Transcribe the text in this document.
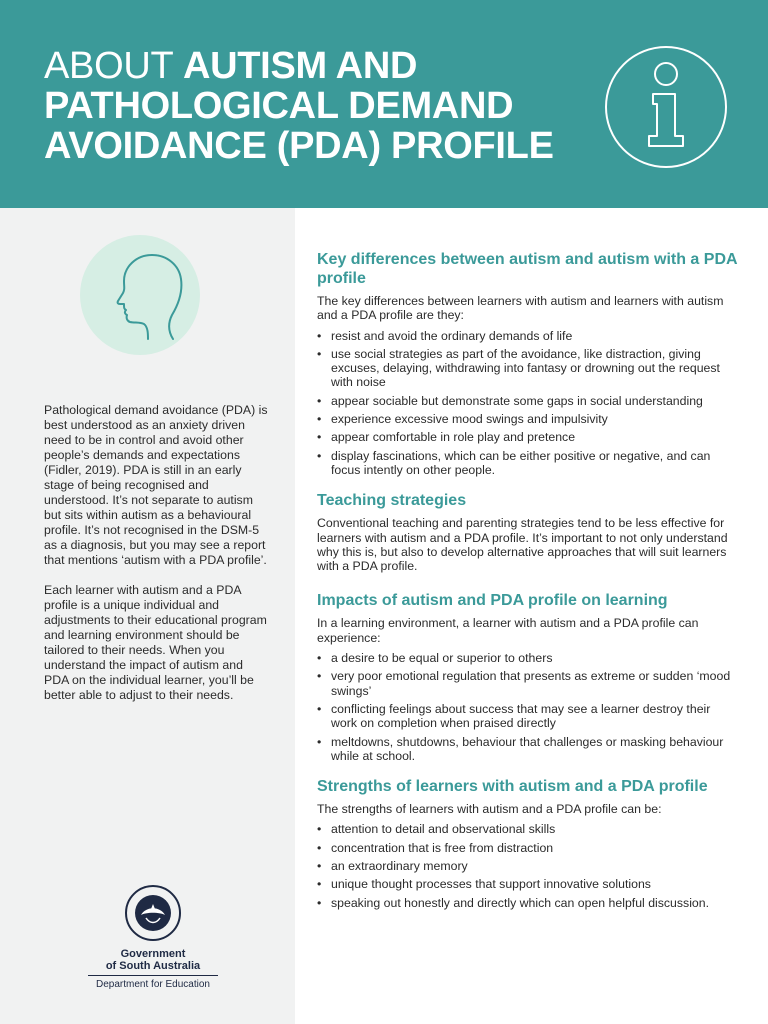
ABOUT AUTISM AND
PATHOLOGICAL DEMAND
AVOIDANCE (PDA) PROFILE

Pathological demand avoidance (PDA) is best understood as an anxiety driven need to be in control and avoid other people’s demands and expectations (Fidler, 2019). PDA is still in an early stage of being recognised and understood. It’s not separate to autism but sits within autism as a behavioural profile. It’s not recognised in the DSM-5 as a diagnosis, but you may see a report that mentions ‘autism with a PDA profile’.

Each learner with autism and a PDA profile is a unique individual and adjustments to their educational program and learning environment should be tailored to their needs. When you understand the impact of autism and PDA on the individual learner, you’ll be better able to adjust to their needs.

Government
of South Australia
Department for Education
Key differences between autism and autism with a PDA profile

The key differences between learners with autism and learners with autism and a PDA profile are they:

• resist and avoid the ordinary demands of life
• use social strategies as part of the avoidance, like distraction, giving excuses, delaying, withdrawing into fantasy or drowning out the request with noise
• appear sociable but demonstrate some gaps in social understanding
• experience excessive mood swings and impulsivity
• appear comfortable in role play and pretence
• display fascinations, which can be either positive or negative, and can focus intently on other people.
Teaching strategies

Conventional teaching and parenting strategies tend to be less effective for learners with autism and a PDA profile. It’s important to not only understand why this is, but also to develop alternative approaches that will suit learners with a PDA profile.

Impacts of autism and PDA profile on learning

In a learning environment, a learner with autism and a PDA profile can experience:

• a desire to be equal or superior to others
• very poor emotional regulation that presents as extreme or sudden ‘mood swings’
• conflicting feelings about success that may see a learner destroy their work on completion when praised directly
• meltdowns, shutdowns, behaviour that challenges or masking behaviour while at school.
Strengths of learners with autism and a PDA profile

The strengths of learners with autism and a PDA profile can be:

• attention to detail and observational skills
• concentration that is free from distraction
• an extraordinary memory
• unique thought processes that support innovative solutions
• speaking out honestly and directly which can open helpful discussion.
